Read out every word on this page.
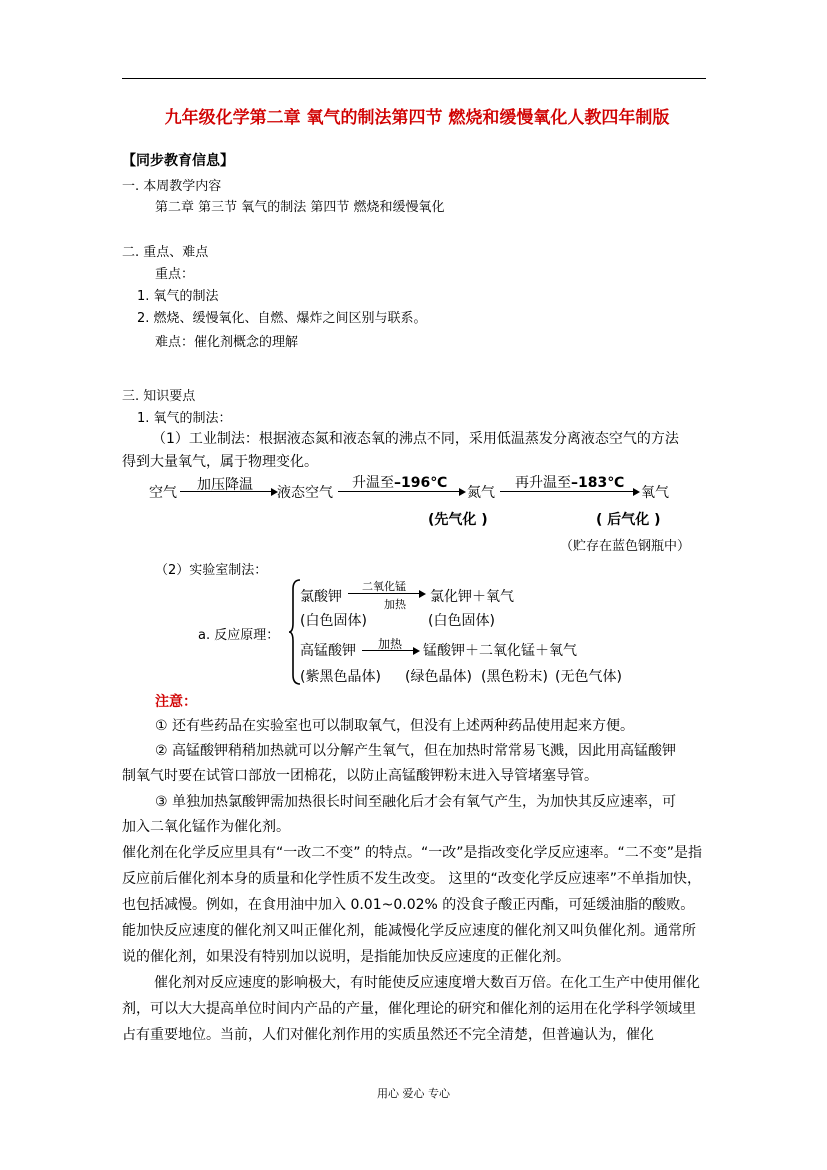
九年级化学第二章 氧气的制法第四节 燃烧和缓慢氧化人教四年制版
【同步教育信息】
一. 本周教学内容
第二章 第三节 氧气的制法 第四节 燃烧和缓慢氧化
二. 重点、难点
重点：
1. 氧气的制法
2. 燃烧、缓慢氧化、自燃、爆炸之间区别与联系。
难点：催化剂概念的理解
三. 知识要点
1. 氧气的制法：
（1）工业制法：根据液态氮和液态氧的沸点不同，采用低温蒸发分离液态空气的方法
得到大量氧气，属于物理变化。
空气 加压降温 液态空气
升温至–196℃
氮气
再升温至–183℃
氧气
(先气化 )	( 后气化 )
（贮存在蓝色钢瓶中）
（2）实验室制法：
a. 反应原理：
氯酸钾
二氧化锰
加热 氯化钾＋氧气
(白色固体)	(白色固体)
高锰酸钾 加热 锰酸钾＋二氧化锰＋氧气
(紫黑色晶体) (绿色晶体) (黑色粉末) (无色气体)
注意：
① 还有些药品在实验室也可以制取氧气，但没有上述两种药品使用起来方便。
② 高锰酸钾稍稍加热就可以分解产生氧气，但在加热时常常易飞溅，因此用高锰酸钾
制氧气时要在试管口部放一团棉花，以防止高锰酸钾粉末进入导管堵塞导管。
③ 单独加热氯酸钾需加热很长时间至融化后才会有氧气产生，为加快其反应速率，可
加入二氧化锰作为催化剂。
催化剂在化学反应里具有“一改二不变” 的特点。“一改”是指改变化学反应速率。“二不变”是指反应前后催化剂本身的质量和化学性质不发生改变。 这里的“改变化学反应速率”不单指加快，也包括减慢。例如，在食用油中加入 0.01~0.02% 的没食子酸正丙酯，可延缓油脂的酸败。能加快反应速度的催化剂又叫正催化剂，能减慢化学反应速度的催化剂又叫负催化剂。通常所说的催化剂，如果没有特别加以说明，是指能加快反应速度的正催化剂。
催化剂对反应速度的影响极大，有时能使反应速度增大数百万倍。在化工生产中使用催化剂，可以大大提高单位时间内产品的产量，催化理论的研究和催化剂的运用在化学科学领域里占有重要地位。当前，人们对催化剂作用的实质虽然还不完全清楚，但普遍认为，催化
用心 爱心 专心
